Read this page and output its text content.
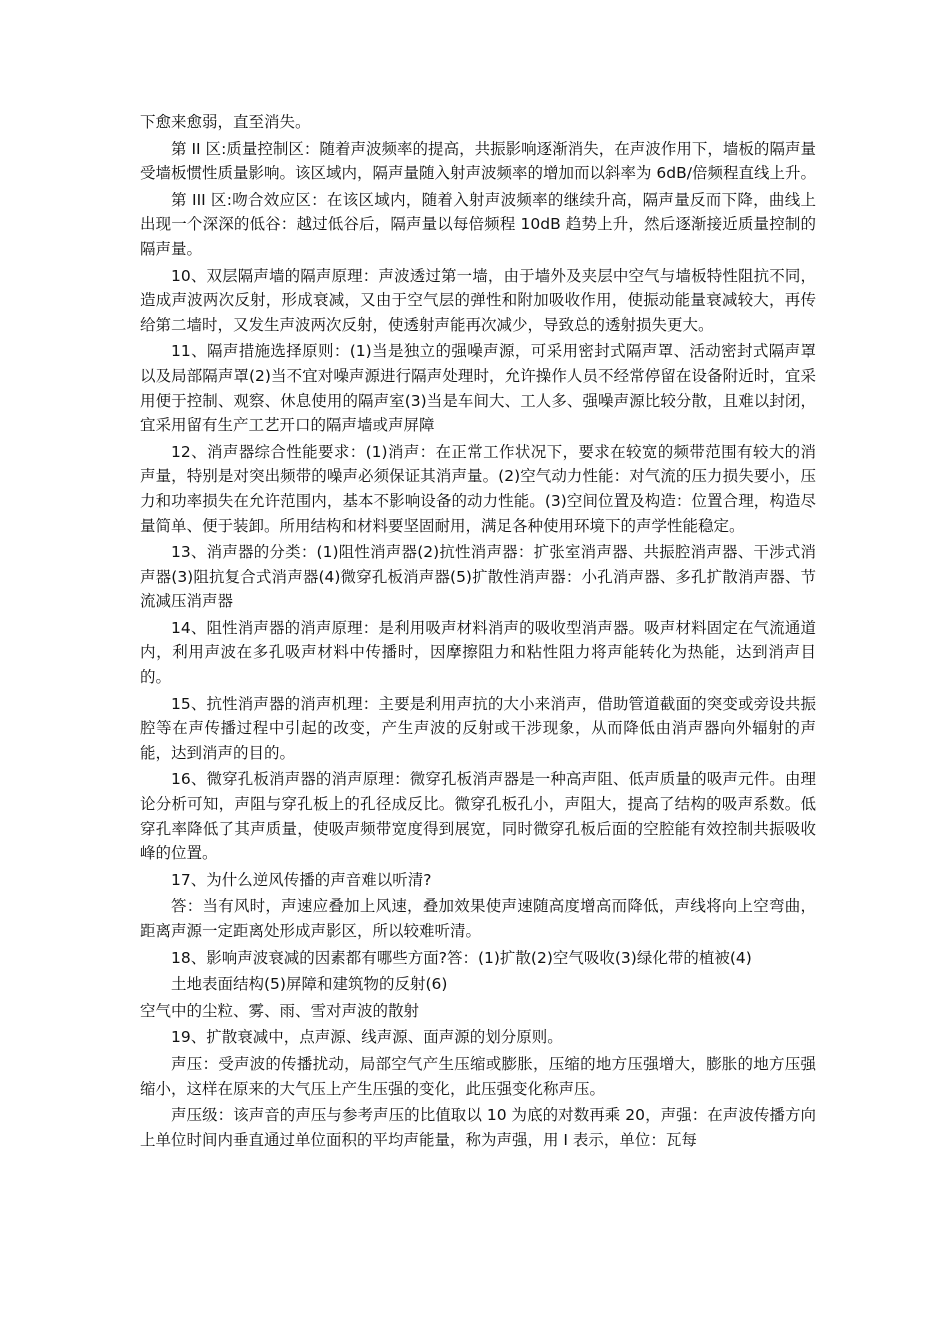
下愈来愈弱，直至消失。

第 II 区:质量控制区：随着声波频率的提高，共振影响逐渐消失，在声波作用下，墙板的隔声量受墙板惯性质量影响。该区域内，隔声量随入射声波频率的增加而以斜率为 6dB/倍频程直线上升。

第 III 区:吻合效应区：在该区域内，随着入射声波频率的继续升高，隔声量反而下降，曲线上出现一个深深的低谷：越过低谷后，隔声量以每倍频程 10dB 趋势上升，然后逐渐接近质量控制的隔声量。

10、双层隔声墙的隔声原理：声波透过第一墙，由于墙外及夹层中空气与墙板特性阻抗不同，造成声波两次反射，形成衰减，又由于空气层的弹性和附加吸收作用，使振动能量衰减较大，再传给第二墙时，又发生声波两次反射，使透射声能再次减少，导致总的透射损失更大。

11、隔声措施选择原则：(1)当是独立的强噪声源，可采用密封式隔声罩、活动密封式隔声罩以及局部隔声罩(2)当不宜对噪声源进行隔声处理时，允许操作人员不经常停留在设备附近时，宜采用便于控制、观察、休息使用的隔声室(3)当是车间大、工人多、强噪声源比较分散，且难以封闭，宜采用留有生产工艺开口的隔声墙或声屏障

12、消声器综合性能要求：(1)消声：在正常工作状况下，要求在较宽的频带范围有较大的消声量，特别是对突出频带的噪声必须保证其消声量。(2)空气动力性能：对气流的压力损失要小，压力和功率损失在允许范围内，基本不影响设备的动力性能。(3)空间位置及构造：位置合理，构造尽量简单、便于装卸。所用结构和材料要坚固耐用，满足各种使用环境下的声学性能稳定。

13、消声器的分类：(1)阻性消声器(2)抗性消声器：扩张室消声器、共振腔消声器、干涉式消声器(3)阻抗复合式消声器(4)微穿孔板消声器(5)扩散性消声器：小孔消声器、多孔扩散消声器、节流减压消声器

14、阻性消声器的消声原理：是利用吸声材料消声的吸收型消声器。吸声材料固定在气流通道内，利用声波在多孔吸声材料中传播时，因摩擦阻力和粘性阻力将声能转化为热能，达到消声目的。

15、抗性消声器的消声机理：主要是利用声抗的大小来消声，借助管道截面的突变或旁设共振腔等在声传播过程中引起的改变，产生声波的反射或干涉现象，从而降低由消声器向外辐射的声能，达到消声的目的。

16、微穿孔板消声器的消声原理：微穿孔板消声器是一种高声阻、低声质量的吸声元件。由理论分析可知，声阻与穿孔板上的孔径成反比。微穿孔板孔小，声阻大，提高了结构的吸声系数。低穿孔率降低了其声质量，使吸声频带宽度得到展宽，同时微穿孔板后面的空腔能有效控制共振吸收峰的位置。

17、为什么逆风传播的声音难以听清?

答：当有风时，声速应叠加上风速，叠加效果使声速随高度增高而降低，声线将向上空弯曲，距离声源一定距离处形成声影区，所以较难听清。

18、影响声波衰减的因素都有哪些方面?答：(1)扩散(2)空气吸收(3)绿化带的植被(4)

土地表面结构(5)屏障和建筑物的反射(6)

空气中的尘粒、雾、雨、雪对声波的散射

19、扩散衰减中，点声源、线声源、面声源的划分原则。

声压：受声波的传播扰动，局部空气产生压缩或膨胀，压缩的地方压强增大，膨胀的地方压强缩小，这样在原来的大气压上产生压强的变化，此压强变化称声压。

声压级：该声音的声压与参考声压的比值取以 10 为底的对数再乘 20，声强：在声波传播方向上单位时间内垂直通过单位面积的平均声能量，称为声强，用 I 表示，单位：瓦每
